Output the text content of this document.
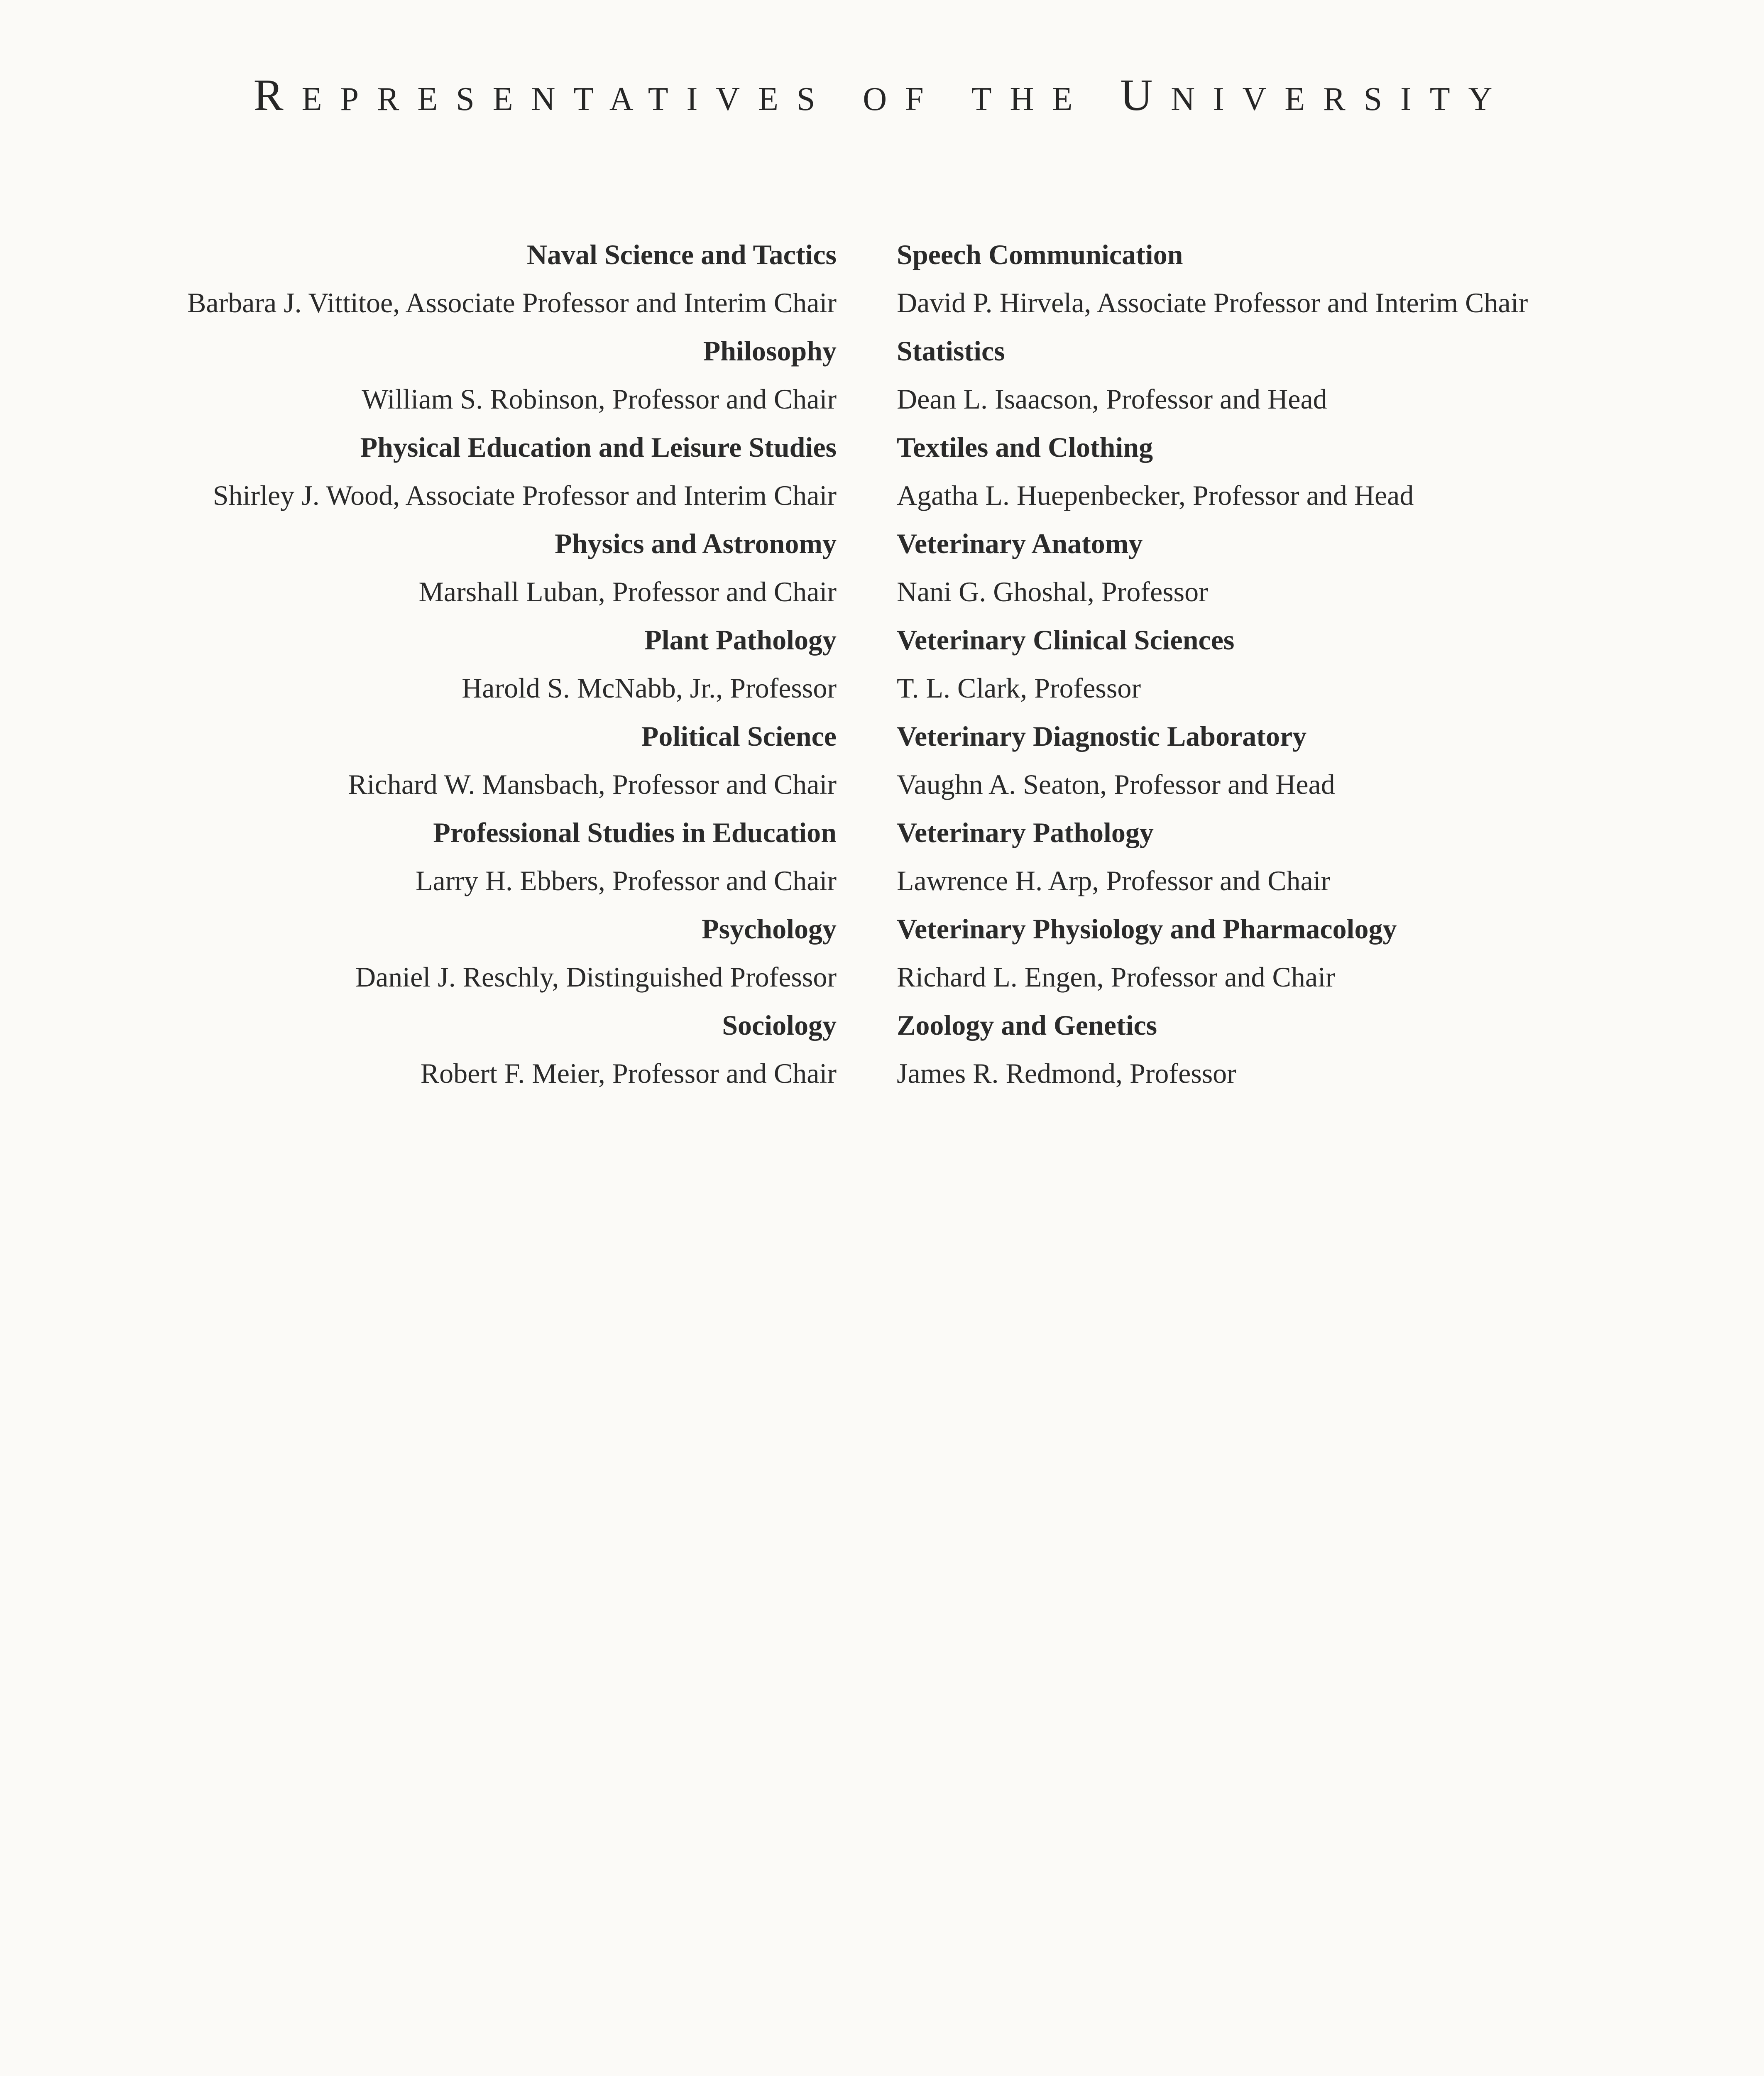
REPRESENTATIVES OF THE UNIVERSITY
Naval Science and Tactics
Barbara J. Vittitoe, Associate Professor and Interim Chair
Philosophy
William S. Robinson, Professor and Chair
Physical Education and Leisure Studies
Shirley J. Wood, Associate Professor and Interim Chair
Physics and Astronomy
Marshall Luban, Professor and Chair
Plant Pathology
Harold S. McNabb, Jr., Professor
Political Science
Richard W. Mansbach, Professor and Chair
Professional Studies in Education
Larry H. Ebbers, Professor and Chair
Psychology
Daniel J. Reschly, Distinguished Professor
Sociology
Robert F. Meier, Professor and Chair
Speech Communication
David P. Hirvela, Associate Professor and Interim Chair
Statistics
Dean L. Isaacson, Professor and Head
Textiles and Clothing
Agatha L. Huepenbecker, Professor and Head
Veterinary Anatomy
Nani G. Ghoshal, Professor
Veterinary Clinical Sciences
T. L. Clark, Professor
Veterinary Diagnostic Laboratory
Vaughn A. Seaton, Professor and Head
Veterinary Pathology
Lawrence H. Arp, Professor and Chair
Veterinary Physiology and Pharmacology
Richard L. Engen, Professor and Chair
Zoology and Genetics
James R. Redmond, Professor
